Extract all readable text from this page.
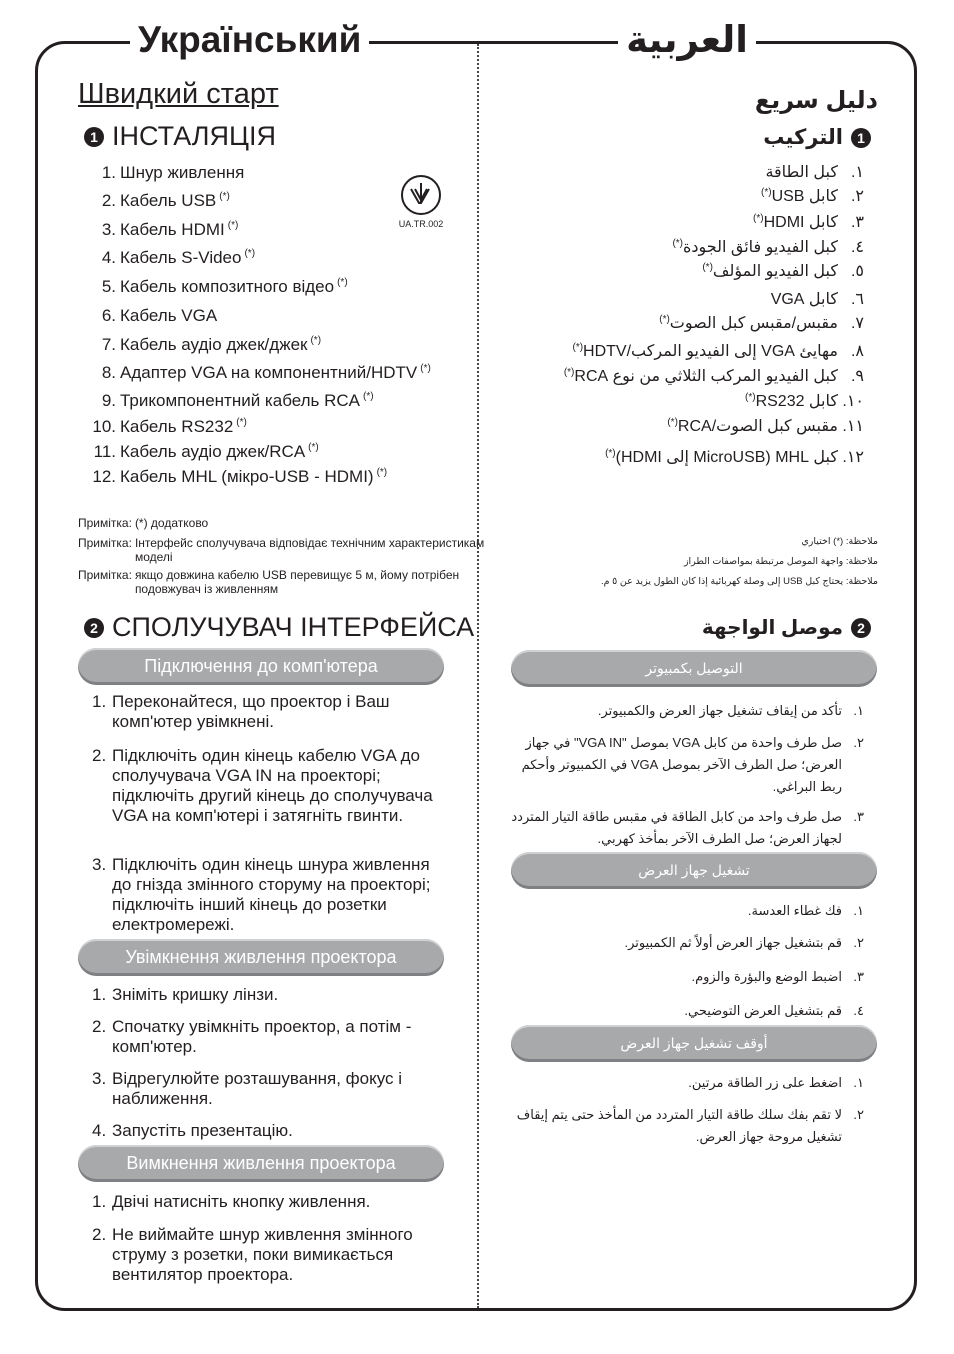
Український	العربية
Швидкий старт
1 ІНСТАЛЯЦІЯ
1. Шнур живлення
2. Кабель USB (*)
3. Кабель HDMI (*)
4. Кабель S-Video (*)
5. Кабель композитного відео (*)
6. Кабель VGA
7. Кабель аудіо джек/джек (*)
8. Адаптер VGA на компонентний/HDTV (*)
9. Трикомпонентний кабель RCA (*)
10. Кабель RS232 (*)
11. Кабель аудіо джек/RCA (*)
12. Кабель MHL (мікро-USB - HDMI) (*)
UA.TR.002
Примітка: (*) додатково
Примітка: Інтерфейс сполучувача відповідає технічним характеристикам моделі
Примітка: якщо довжина кабелю USB перевищує 5 м, йому потрібен подовжувач із живленням
2 СПОЛУЧУВАЧ ІНТЕРФЕЙСА
Підключення до комп'ютера
1. Переконайтеся, що проектор і Ваш комп'ютер увімкнені.
2. Підключіть один кінець кабелю VGA до сполучувача VGA IN на проекторі; підключіть другий кінець до сполучувача VGA на комп'ютері і затягніть гвинти.
3. Підключіть один кінець шнура живлення до гнізда змінного сторуму на проекторі; підключіть інший кінець до розетки електромережі.
Увімкнення живлення проектора
1. Зніміть кришку лінзи.
2. Спочатку увімкніть проектор, а потім - комп'ютер.
3. Відрегулюйте розташування, фокус і наближення.
4. Запустіть презентацію.
Вимкнення живлення проектора
1. Двічі натисніть кнопку живлення.
2. Не виймайте шнур живлення змінного струму з розетки, поки вимикається вентилятор проектора.
دليل سريع
1
التركيب
١.كبل الطاقة
٢.كابل USB(*)
٣.كابل HDMI(*)
٤.كبل الفيديو فائق الجودة(*)
٥.كبل الفيديو المؤلف(*)
٦.كابل VGA
٧.مقبس/مقبس كبل الصوت(*)
٨.مهايئ VGA إلى الفيديو المركب/HDTV(*)
٩.كبل الفيديو المركب الثلاثي من نوع RCA(*)
١٠.كابل RS232(*)
١١.مقبس كبل الصوت/RCA(*)
١٢.كبل MHL (MicroUSB إلى HDMI)(*)
ملاحظة: (*) اختياري
ملاحظة: واجهة الموصل مرتبطة بمواصفات الطراز
ملاحظة: يحتاج كبل USB إلى وصلة كهربائية إذا كان الطول يزيد عن ٥ م.
2
موصل الواجهة
التوصيل بكمبيوتر
١.
تأكد من إيقاف تشغيل جهاز العرض والكمبيوتر.
٢.
صل طرف واحدة من كابل VGA بموصل "VGA IN" في جهاز العرض؛ صل الطرف الآخر بموصل VGA في الكمبيوتر وأحكم ربط البراغي.
٣.
صل طرف واحد من كابل الطاقة في مقبس طاقة التيار المتردد لجهاز العرض؛ صل الطرف الآخر بمأخذ كهربي.
تشغيل جهاز العرض
١.
فك غطاء العدسة.
٢.
قم بتشغيل جهاز العرض أولاً ثم الكمبيوتر.
٣.
اضبط الوضع والبؤرة والزوم.
٤.
قم بتشغيل العرض التوضيحي.
أوقف تشغيل جهاز العرض
١.
اضغط على زر الطاقة مرتين.
٢.
لا تقم بفك سلك طاقة التيار المتردد من المأخذ حتى يتم إيقاف تشغيل مروحة جهاز العرض.
